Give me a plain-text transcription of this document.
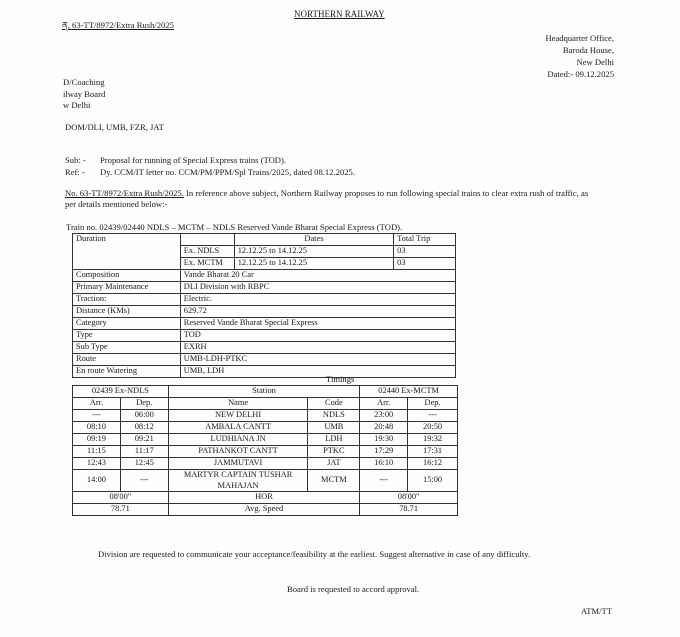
NORTHERN RAILWAY
ན, 63-TT/8972/Extra Rush/2025
Headquarter Office,
Baroda House,
New Delhi
Dated:- 09.12.2025
D/Coaching
ilway Board
w Delhi
DOM/DLI, UMB, FZR, JAT
Sub: - Proposal for running of Special Express trains (TOD).
Ref: - Dy. CCM/IT letter no. CCM/PM/PPM/Spl Trains/2025, dated 08.12.2025.
No. 63-TT/8972/Extra Rush/2025. In reference above subject, Northern Railway proposes to run following special trains to clear extra rush of traffic, as
per details mentioned below:-
Train no. 02439/02440 NDLS – MCTM – NDLS Reserved Vande Bharat Special Express (TOD).
Duration		Dates	Total Trip
	Ex. NDLS	12.12.25 to 14.12.25	03
	Ex. MCTM	12.12.25 to 14.12.25	03
Composition	Vande Bharat 20 Car		
Primary Maintenance	DLI Division with RBPC		
Traction:	Electric.		
Distance (KMs)	629.72		
Category	Reserved Vande Bharat Special Express		
Type	TOD		
Sub Type	EXRH		
Route	UMB-LDH-PTKC		
En route Watering	UMB, LDH		
Timings
02439 Ex-NDLS		Station		02440 Ex-MCTM	
Arr.	Dep.	Name	Code	Arr.	Dep.
---	06:00	NEW DELHI	NDLS	23:00	---
08:10	08:12	AMBALA CANTT	UMB	20:48	20:50
09:19	09:21	LUDHIANA JN	LDH	19:30	19:32
11:15	11:17	PATHANKOT CANTT	PTKC	17:29	17:31
12:43	12:45	JAMMUTAVI	JAT	16:10	16:12
14:00	---	MARTYR CAPTAIN TUSHAR
MAHAJAN	MCTM	---	15:00
08'00"		HOR		08'00"	
78.71		Avg. Speed		78.71	
Division are requested to communicate your acceptance/feasibility at the earliest. Suggest alternative in case of any difficulty.
Board is requested to accord approval.
ATM/TT
